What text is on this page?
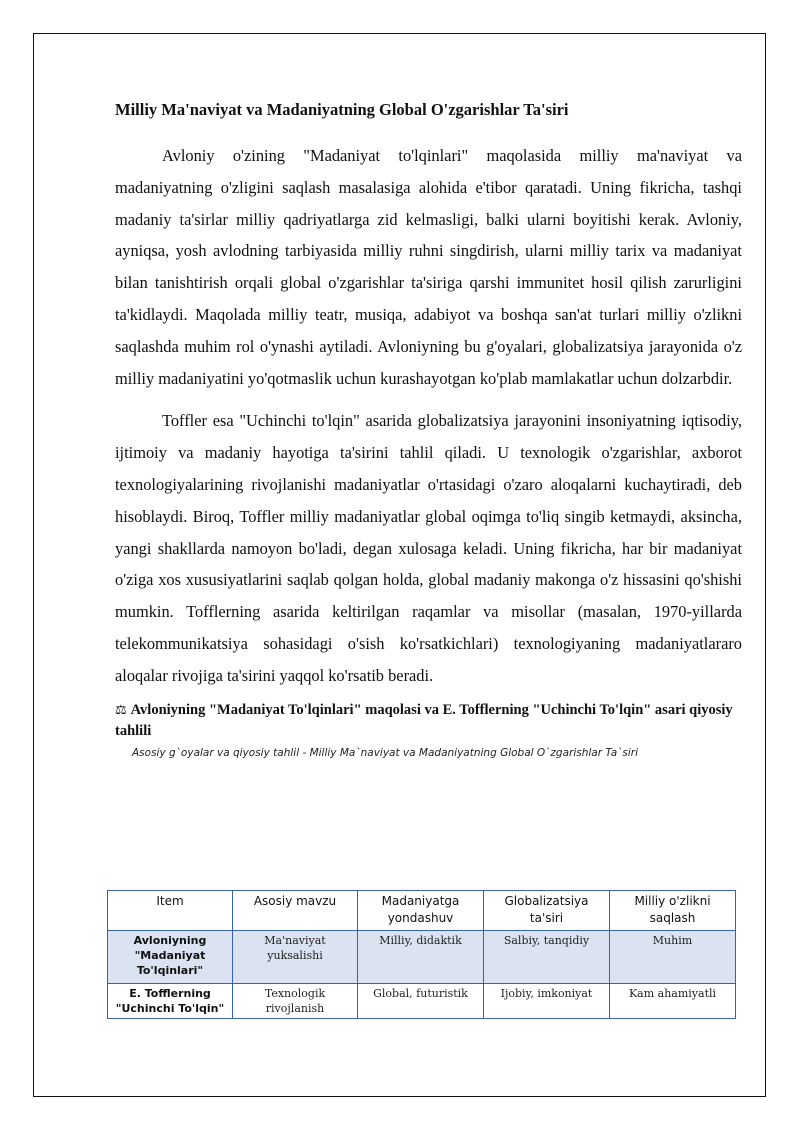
Milliy Ma'naviyat va Madaniyatning Global O'zgarishlar Ta'siri

Avloniy o'zining "Madaniyat to'lqinlari" maqolasida milliy ma'naviyat va madaniyatning o'zligini saqlash masalasiga alohida e'tibor qaratadi. Uning fikricha, tashqi madaniy ta'sirlar milliy qadriyatlarga zid kelmasligi, balki ularni boyitishi kerak. Avloniy, ayniqsa, yosh avlodning tarbiyasida milliy ruhni singdirish, ularni milliy tarix va madaniyat bilan tanishtirish orqali global o'zgarishlar ta'siriga qarshi immunitet hosil qilish zarurligini ta'kidlaydi. Maqolada milliy teatr, musiqa, adabiyot va boshqa san'at turlari milliy o'zlikni saqlashda muhim rol o'ynashi aytiladi. Avloniyning bu g'oyalari, globalizatsiya jarayonida o'z milliy madaniyatini yo'qotmaslik uchun kurashayotgan ko'plab mamlakatlar uchun dolzarbdir.

Toffler esa "Uchinchi to'lqin" asarida globalizatsiya jarayonini insoniyatning iqtisodiy, ijtimoiy va madaniy hayotiga ta'sirini tahlil qiladi. U texnologik o'zgarishlar, axborot texnologiyalarining rivojlanishi madaniyatlar o'rtasidagi o'zaro aloqalarni kuchaytiradi, deb hisoblaydi. Biroq, Toffler milliy madaniyatlar global oqimga to'liq singib ketmaydi, aksincha, yangi shakllarda namoyon bo'ladi, degan xulosaga keladi. Uning fikricha, har bir madaniyat o'ziga xos xususiyatlarini saqlab qolgan holda, global madaniy makonga o'z hissasini qo'shishi mumkin. Tofflerning asarida keltirilgan raqamlar va misollar (masalan, 1970-yillarda telekommunikatsiya sohasidagi o'sish ko'rsatkichlari) texnologiyaning madaniyatlararo aloqalar rivojiga ta'sirini yaqqol ko'rsatib beradi.

⚖ Avloniyning "Madaniyat To'lqinlari" maqolasi va E. Tofflerning "Uchinchi To'lqin" asari qiyosiy tahlili
Asosiy g`oyalar va qiyosiy tahlil - Milliy Ma`naviyat va Madaniyatning Global O`zgarishlar Ta`siri
Item	Asosiy mavzu	Madaniyatga yondashuv	Globalizatsiya ta'siri	Milliy o'zlikni saqlash
Avloniyning "Madaniyat To'lqinlari"	Ma'naviyat yuksalishi	Milliy, didaktik	Salbiy, tanqidiy	Muhim
E. Tofflerning "Uchinchi To'lqin"	Texnologik rivojlanish	Global, futuristik	Ijobiy, imkoniyat	Kam ahamiyatli
